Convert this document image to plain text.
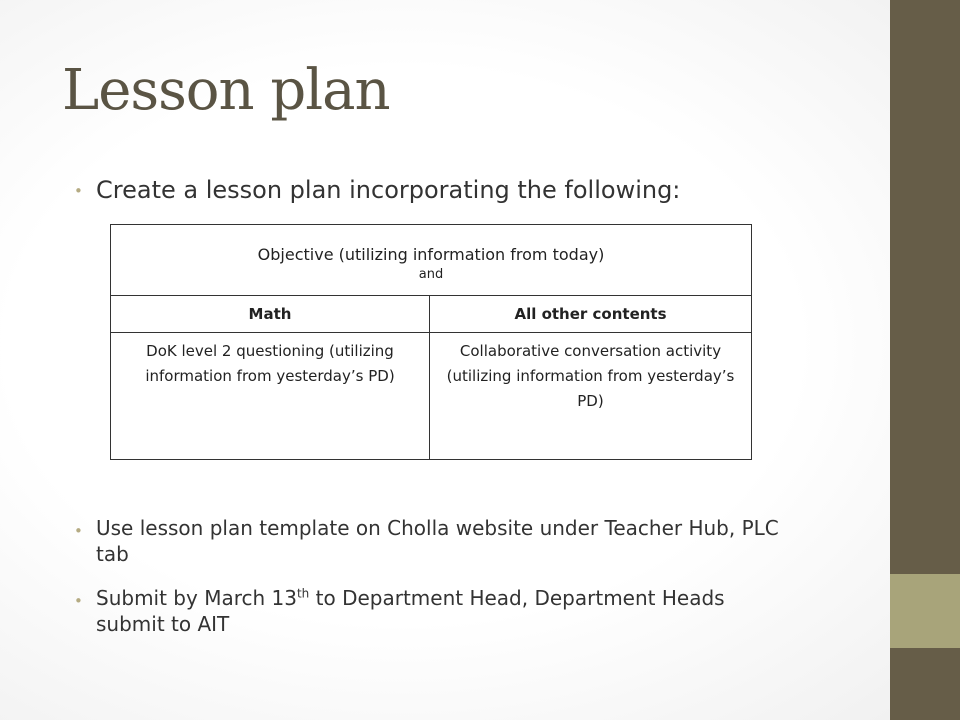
Lesson plan
• Create a lesson plan incorporating the following:
Objective (utilizing information from today)
and	

Math	All other contents
DoK level 2 questioning (utilizing information from yesterday’s PD)	Collaborative conversation activity (utilizing information from yesterday’s PD)
• Use lesson plan template on Cholla website under Teacher Hub, PLC tab
• Submit by March 13th to Department Head, Department Heads submit to AIT
